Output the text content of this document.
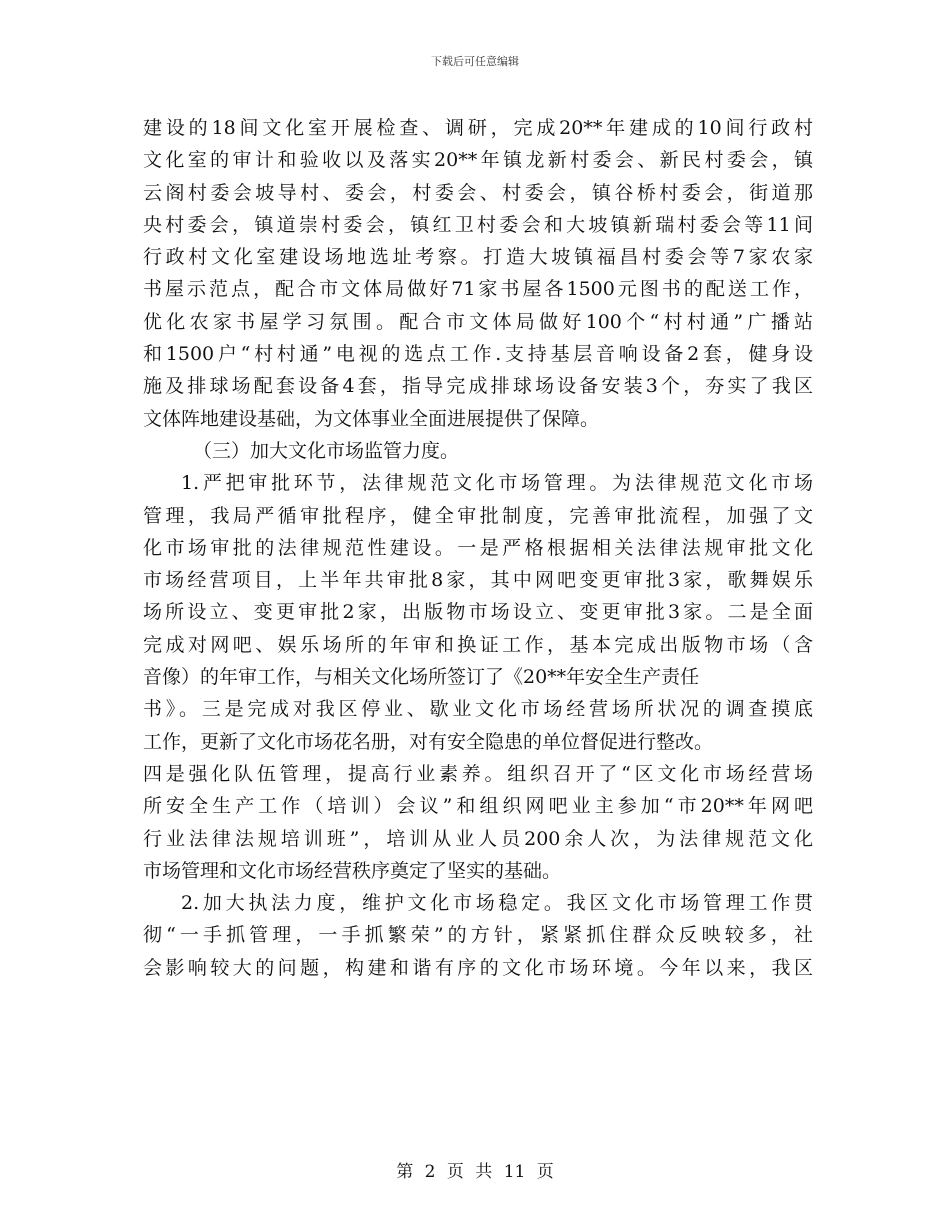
下载后可任意编辑
建设的18间文化室开展检查、调研，完成20**年建成的10间行政村
文化室的审计和验收以及落实20**年镇龙新村委会、新民村委会，镇
云阁村委会坡导村、委会，村委会、村委会，镇谷桥村委会，街道那
央村委会，镇道崇村委会，镇红卫村委会和大坡镇新瑞村委会等11间
行政村文化室建设场地选址考察。打造大坡镇福昌村委会等7家农家
书屋示范点，配合市文体局做好71家书屋各1500元图书的配送工作，
优化农家书屋学习氛围。配合市文体局做好100个“村村通”广播站
和1500户“村村通”电视的选点工作.支持基层音响设备2套，健身设
施及排球场配套设备4套，指导完成排球场设备安装3个，夯实了我区
文体阵地建设基础，为文体事业全面进展提供了保障。
（三）加大文化市场监管力度。
1.严把审批环节，法律规范文化市场管理。为法律规范文化市场
管理，我局严循审批程序，健全审批制度，完善审批流程，加强了文
化市场审批的法律规范性建设。一是严格根据相关法律法规审批文化
市场经营项目，上半年共审批8家，其中网吧变更审批3家，歌舞娱乐
场所设立、变更审批2家，出版物市场设立、变更审批3家。二是全面
完成对网吧、娱乐场所的年审和换证工作，基本完成出版物市场（含
音像）的年审工作，与相关文化场所签订了《20**年安全生产责任
书》。三是完成对我区停业、歇业文化市场经营场所状况的调查摸底
工作，更新了文化市场花名册，对有安全隐患的单位督促进行整改。
四是强化队伍管理，提高行业素养。组织召开了“区文化市场经营场
所安全生产工作（培训）会议”和组织网吧业主参加“市20**年网吧
行业法律法规培训班”，培训从业人员200余人次，为法律规范文化
市场管理和文化市场经营秩序奠定了坚实的基础。
2.加大执法力度，维护文化市场稳定。我区文化市场管理工作贯
彻“一手抓管理，一手抓繁荣”的方针，紧紧抓住群众反映较多，社
会影响较大的问题，构建和谐有序的文化市场环境。今年以来，我区
第 2 页 共 11 页
